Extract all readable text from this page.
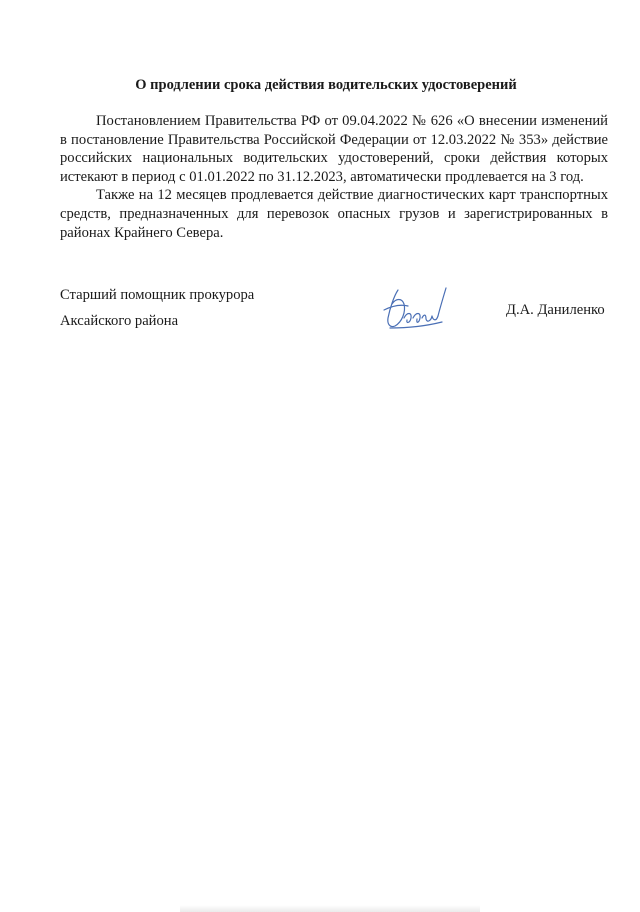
О продлении срока действия водительских удостоверений

Постановлением Правительства РФ от 09.04.2022 № 626 «О внесении изменений в постановление Правительства Российской Федерации от 12.03.2022 № 353» действие российских национальных водительских удостоверений, сроки действия которых истекают в период с 01.01.2022 по 31.12.2023, автоматически продлевается на 3 год.

Также на 12 месяцев продлевается действие диагностических карт транспортных средств, предназначенных для перевозок опасных грузов и зарегистрированных в районах Крайнего Севера.

Старший помощник прокурора
Аксайского района
Д.А. Даниленко
